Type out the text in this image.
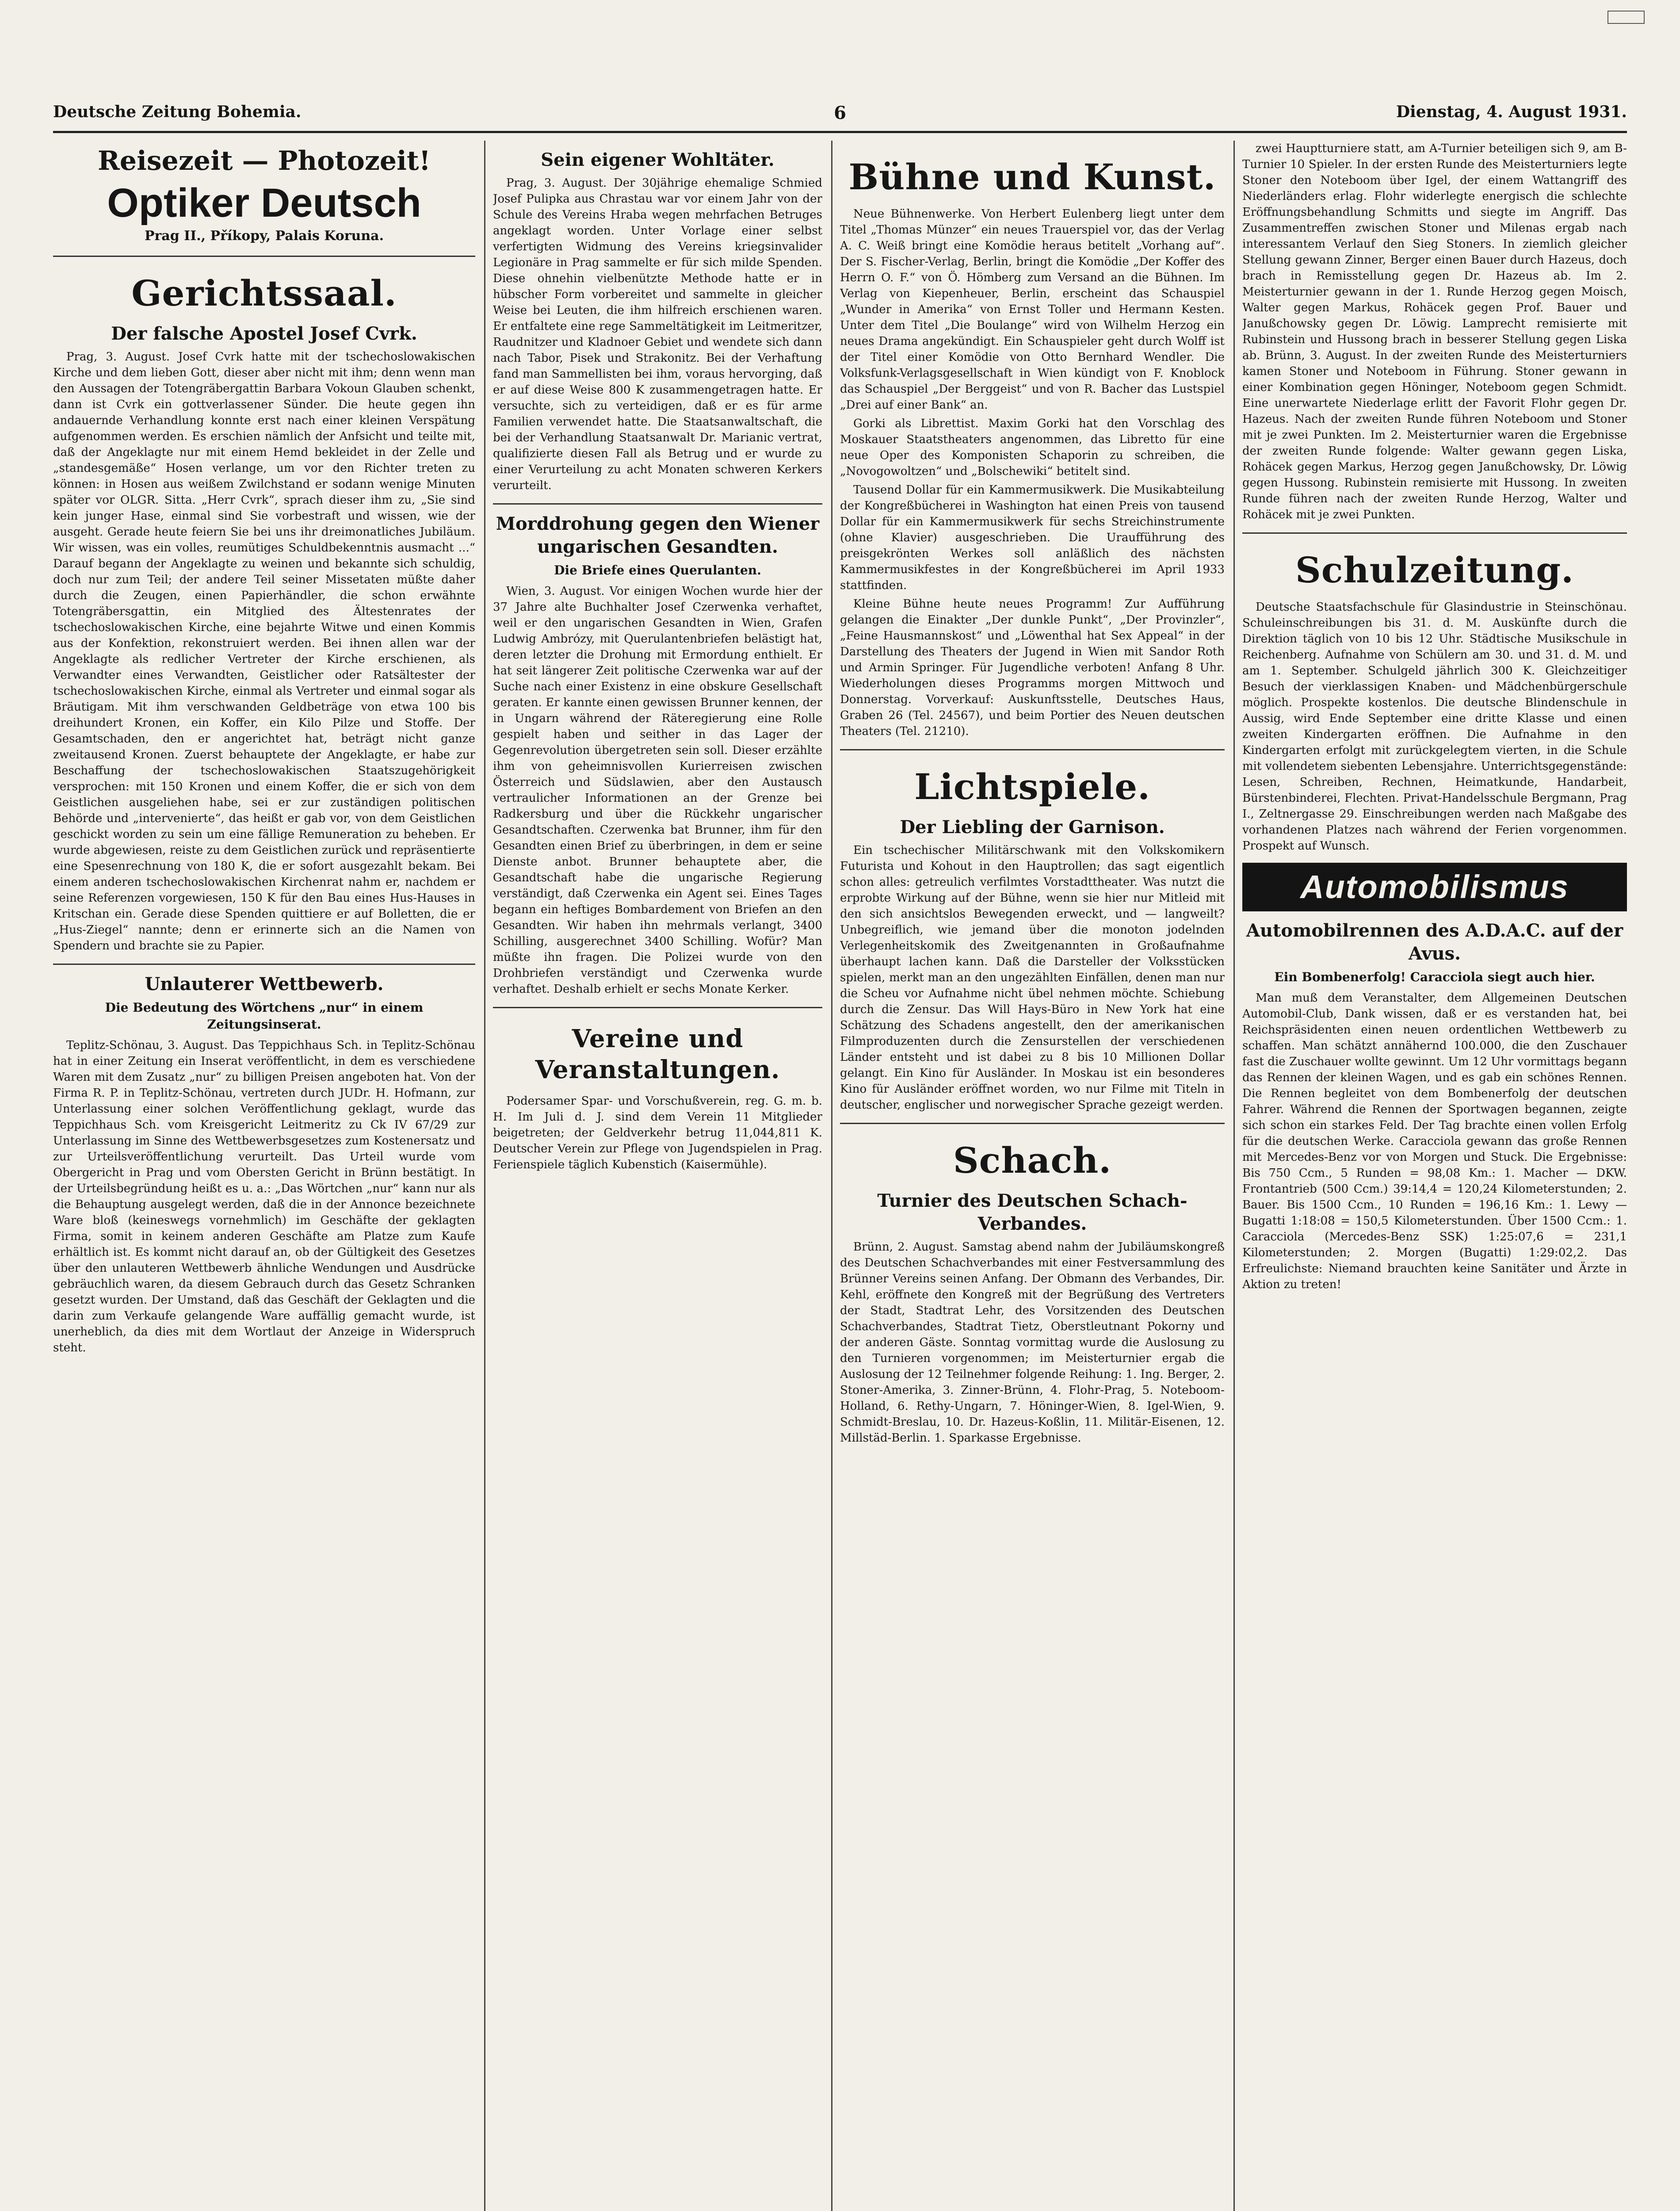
Deutsche Zeitung Bohemia.	6	Dienstag, 4. August 1931.
Reisezeit — Photozeit!
Optiker Deutsch
Prag II., Příkopy, Palais Koruna.
Gerichtssaal.
Der falsche Apostel Josef Cvrk.

Prag, 3. August. Josef Cvrk hatte mit der tschechoslowakischen Kirche und dem lieben Gott, dieser aber nicht mit ihm; denn wenn man den Aussagen der Totengräbergattin Barbara Vokoun Glauben schenkt, dann ist Cvrk ein gottverlassener Sünder. Die heute gegen ihn andauernde Verhandlung konnte erst nach einer kleinen Verspätung aufgenommen werden. Es erschien nämlich der Anfsicht und teilte mit, daß der Angeklagte nur mit einem Hemd bekleidet in der Zelle und „standesgemäße“ Hosen verlange, um vor den Richter treten zu können: in Hosen aus weißem Zwilchstand er sodann wenige Minuten später vor OLGR. Sitta. „Herr Cvrk“, sprach dieser ihm zu, „Sie sind kein junger Hase, einmal sind Sie vorbestraft und wissen, wie der ausgeht. Gerade heute feiern Sie bei uns ihr dreimonatliches Jubiläum. Wir wissen, was ein volles, reumütiges Schuldbekenntnis ausmacht ...“ Darauf begann der Angeklagte zu weinen und bekannte sich schuldig, doch nur zum Teil; der andere Teil seiner Missetaten müßte daher durch die Zeugen, einen Papierhändler, die schon erwähnte Totengräbersgattin, ein Mitglied des Ältestenrates der tschechoslowakischen Kirche, eine bejahrte Witwe und einen Kommis aus der Konfektion, rekonstruiert werden. Bei ihnen allen war der Angeklagte als redlicher Vertreter der Kirche erschienen, als Verwandter eines Verwandten, Geistlicher oder Ratsältester der tschechoslowakischen Kirche, einmal als Vertreter und einmal sogar als Bräutigam. Mit ihm verschwanden Geldbeträge von etwa 100 bis dreihundert Kronen, ein Koffer, ein Kilo Pilze und Stoffe. Der Gesamtschaden, den er angerichtet hat, beträgt nicht ganze zweitausend Kronen. Zuerst behauptete der Angeklagte, er habe zur Beschaffung der tschechoslowakischen Staatszugehörigkeit versprochen: mit 150 Kronen und einem Koffer, die er sich von dem Geistlichen ausgeliehen habe, sei er zur zuständigen politischen Behörde und „intervenierte“, das heißt er gab vor, von dem Geistlichen geschickt worden zu sein um eine fällige Remuneration zu beheben. Er wurde abgewiesen, reiste zu dem Geistlichen zurück und repräsentierte eine Spesenrechnung von 180 K, die er sofort ausgezahlt bekam. Bei einem anderen tschechoslowakischen Kirchenrat nahm er, nachdem er seine Referenzen vorgewiesen, 150 K für den Bau eines Hus-Hauses in Kritschan ein. Gerade diese Spenden quittiere er auf Bolletten, die er „Hus-Ziegel“ nannte; denn er erinnerte sich an die Namen von Spendern und brachte sie zu Papier.

Unlauterer Wettbewerb.
Die Bedeutung des Wörtchens „nur“ in einem Zeitungsinserat.

Teplitz-Schönau, 3. August. Das Teppichhaus Sch. in Teplitz-Schönau hat in einer Zeitung ein Inserat veröffentlicht, in dem es verschiedene Waren mit dem Zusatz „nur“ zu billigen Preisen angeboten hat. Von der Firma R. P. in Teplitz-Schönau, vertreten durch JUDr. H. Hofmann, zur Unterlassung einer solchen Veröffentlichung geklagt, wurde das Teppichhaus Sch. vom Kreisgericht Leitmeritz zu Ck IV 67/29 zur Unterlassung im Sinne des Wettbewerbsgesetzes zum Kostenersatz und zur Urteilsveröffentlichung verurteilt. Das Urteil wurde vom Obergericht in Prag und vom Obersten Gericht in Brünn bestätigt. In der Urteilsbegründung heißt es u. a.: „Das Wörtchen „nur“ kann nur als die Behauptung ausgelegt werden, daß die in der Annonce bezeichnete Ware bloß (keineswegs vornehmlich) im Geschäfte der geklagten Firma, somit in keinem anderen Geschäfte am Platze zum Kaufe erhältlich ist. Es kommt nicht darauf an, ob der Gültigkeit des Gesetzes über den unlauteren Wettbewerb ähnliche Wendungen und Ausdrücke gebräuchlich waren, da diesem Gebrauch durch das Gesetz Schranken gesetzt wurden. Der Umstand, daß das Geschäft der Geklagten und die darin zum Verkaufe gelangende Ware auffällig gemacht wurde, ist unerheblich, da dies mit dem Wortlaut der Anzeige in Widerspruch steht.

Sein eigener Wohltäter.

Prag, 3. August. Der 30jährige ehemalige Schmied Josef Pulipka aus Chrastau war vor einem Jahr von der Schule des Vereins Hraba wegen mehrfachen Betruges angeklagt worden. Unter Vorlage einer selbst verfertigten Widmung des Vereins kriegsinvalider Legionäre in Prag sammelte er für sich milde Spenden. Diese ohnehin vielbenützte Methode hatte er in hübscher Form vorbereitet und sammelte in gleicher Weise bei Leuten, die ihm hilfreich erschienen waren. Er entfaltete eine rege Sammeltätigkeit im Leitmeritzer, Raudnitzer und Kladnoer Gebiet und wendete sich dann nach Tabor, Pisek und Strakonitz. Bei der Verhaftung fand man Sammellisten bei ihm, voraus hervorging, daß er auf diese Weise 800 K zusammengetragen hatte. Er versuchte, sich zu verteidigen, daß er es für arme Familien verwendet hatte. Die Staatsanwaltschaft, die bei der Verhandlung Staatsanwalt Dr. Marianic vertrat, qualifizierte diesen Fall als Betrug und er wurde zu einer Verurteilung zu acht Monaten schweren Kerkers verurteilt.

Morddrohung gegen den Wiener ungarischen Gesandten.
Die Briefe eines Querulanten.

Wien, 3. August. Vor einigen Wochen wurde hier der 37 Jahre alte Buchhalter Josef Czerwenka verhaftet, weil er den ungarischen Gesandten in Wien, Grafen Ludwig Ambrózy, mit Querulantenbriefen belästigt hat, deren letzter die Drohung mit Ermordung enthielt. Er hat seit längerer Zeit politische Czerwenka war auf der Suche nach einer Existenz in eine obskure Gesellschaft geraten. Er kannte einen gewissen Brunner kennen, der in Ungarn während der Räteregierung eine Rolle gespielt haben und seither in das Lager der Gegenrevolution übergetreten sein soll. Dieser erzählte ihm von geheimnisvollen Kurierreisen zwischen Österreich und Südslawien, aber den Austausch vertraulicher Informationen an der Grenze bei Radkersburg und über die Rückkehr ungarischer Gesandtschaften. Czerwenka bat Brunner, ihm für den Gesandten einen Brief zu überbringen, in dem er seine Dienste anbot. Brunner behauptete aber, die Gesandtschaft habe die ungarische Regierung verständigt, daß Czerwenka ein Agent sei. Eines Tages begann ein heftiges Bombardement von Briefen an den Gesandten. Wir haben ihn mehrmals verlangt, 3400 Schilling, ausgerechnet 3400 Schilling. Wofür? Man müßte ihn fragen. Die Polizei wurde von den Drohbriefen verständigt und Czerwenka wurde verhaftet. Deshalb erhielt er sechs Monate Kerker.

Vereine und Veranstaltungen.

Podersamer Spar- und Vorschußverein, reg. G. m. b. H. Im Juli d. J. sind dem Verein 11 Mitglieder beigetreten; der Geldverkehr betrug 11,044,811 K. Deutscher Verein zur Pflege von Jugendspielen in Prag. Ferienspiele täglich Kubenstich (Kaisermühle).

Bühne und Kunst.

Neue Bühnenwerke. Von Herbert Eulenberg liegt unter dem Titel „Thomas Münzer“ ein neues Trauerspiel vor, das der Verlag A. C. Weiß bringt eine Komödie heraus betitelt „Vorhang auf“. Der S. Fischer-Verlag, Berlin, bringt die Komödie „Der Koffer des Herrn O. F.“ von Ö. Hömberg zum Versand an die Bühnen. Im Verlag von Kiepenheuer, Berlin, erscheint das Schauspiel „Wunder in Amerika“ von Ernst Toller und Hermann Kesten. Unter dem Titel „Die Boulange“ wird von Wilhelm Herzog ein neues Drama angekündigt. Ein Schauspieler geht durch Wolff ist der Titel einer Komödie von Otto Bernhard Wendler. Die Volksfunk-Verlagsgesellschaft in Wien kündigt von F. Knoblock das Schauspiel „Der Berggeist“ und von R. Bacher das Lustspiel „Drei auf einer Bank“ an.

Gorki als Librettist. Maxim Gorki hat den Vorschlag des Moskauer Staatstheaters angenommen, das Libretto für eine neue Oper des Komponisten Schaporin zu schreiben, die „Novogowoltzen“ und „Bolschewiki“ betitelt sind.

Tausend Dollar für ein Kammermusikwerk. Die Musikabteilung der Kongreßbücherei in Washington hat einen Preis von tausend Dollar für ein Kammermusikwerk für sechs Streichinstrumente (ohne Klavier) ausgeschrieben. Die Uraufführung des preisgekrönten Werkes soll anläßlich des nächsten Kammermusikfestes in der Kongreßbücherei im April 1933 stattfinden.

Kleine Bühne heute neues Programm! Zur Aufführung gelangen die Einakter „Der dunkle Punkt“, „Der Provinzler“, „Feine Hausmannskost“ und „Löwenthal hat Sex Appeal“ in der Darstellung des Theaters der Jugend in Wien mit Sandor Roth und Armin Springer. Für Jugendliche verboten! Anfang 8 Uhr. Wiederholungen dieses Programms morgen Mittwoch und Donnerstag. Vorverkauf: Auskunftsstelle, Deutsches Haus, Graben 26 (Tel. 24567), und beim Portier des Neuen deutschen Theaters (Tel. 21210).

Lichtspiele.
Der Liebling der Garnison.

Ein tschechischer Militärschwank mit den Volkskomikern Futurista und Kohout in den Hauptrollen; das sagt eigentlich schon alles: getreulich verfilmtes Vorstadttheater. Was nutzt die erprobte Wirkung auf der Bühne, wenn sie hier nur Mitleid mit den sich ansichtslos Bewegenden erweckt, und — langweilt? Unbegreiflich, wie jemand über die monoton jodelnden Verlegenheitskomik des Zweitgenannten in Großaufnahme überhaupt lachen kann. Daß die Darsteller der Volksstücken spielen, merkt man an den ungezählten Einfällen, denen man nur die Scheu vor Aufnahme nicht übel nehmen möchte. Schiebung durch die Zensur. Das Will Hays-Büro in New York hat eine Schätzung des Schadens angestellt, den der amerikanischen Filmproduzenten durch die Zensurstellen der verschiedenen Länder entsteht und ist dabei zu 8 bis 10 Millionen Dollar gelangt. Ein Kino für Ausländer. In Moskau ist ein besonderes Kino für Ausländer eröffnet worden, wo nur Filme mit Titeln in deutscher, englischer und norwegischer Sprache gezeigt werden.

Schach.
Turnier des Deutschen Schach-Verbandes.

Brünn, 2. August. Samstag abend nahm der Jubiläumskongreß des Deutschen Schachverbandes mit einer Festversammlung des Brünner Vereins seinen Anfang. Der Obmann des Verbandes, Dir. Kehl, eröffnete den Kongreß mit der Begrüßung des Vertreters der Stadt, Stadtrat Lehr, des Vorsitzenden des Deutschen Schachverbandes, Stadtrat Tietz, Oberstleutnant Pokorny und der anderen Gäste. Sonntag vormittag wurde die Auslosung zu den Turnieren vorgenommen; im Meisterturnier ergab die Auslosung der 12 Teilnehmer folgende Reihung: 1. Ing. Berger, 2. Stoner-Amerika, 3. Zinner-Brünn, 4. Flohr-Prag, 5. Noteboom-Holland, 6. Rethy-Ungarn, 7. Höninger-Wien, 8. Igel-Wien, 9. Schmidt-Breslau, 10. Dr. Hazeus-Koßlin, 11. Militär-Eisenen, 12. Millstäd-Berlin. 1. Sparkasse Ergebnisse.

zwei Hauptturniere statt, am A-Turnier beteiligen sich 9, am B-Turnier 10 Spieler. In der ersten Runde des Meisterturniers legte Stoner den Noteboom über Igel, der einem Wattangriff des Niederländers erlag. Flohr widerlegte energisch die schlechte Eröffnungsbehandlung Schmitts und siegte im Angriff. Das Zusammentreffen zwischen Stoner und Milenas ergab nach interessantem Verlauf den Sieg Stoners. In ziemlich gleicher Stellung gewann Zinner, Berger einen Bauer durch Hazeus, doch brach in Remisstellung gegen Dr. Hazeus ab. Im 2. Meisterturnier gewann in der 1. Runde Herzog gegen Moisch, Walter gegen Markus, Rohäcek gegen Prof. Bauer und Janußchowsky gegen Dr. Löwig. Lamprecht remisierte mit Rubinstein und Hussong brach in besserer Stellung gegen Liska ab. Brünn, 3. August. In der zweiten Runde des Meisterturniers kamen Stoner und Noteboom in Führung. Stoner gewann in einer Kombination gegen Höninger, Noteboom gegen Schmidt. Eine unerwartete Niederlage erlitt der Favorit Flohr gegen Dr. Hazeus. Nach der zweiten Runde führen Noteboom und Stoner mit je zwei Punkten. Im 2. Meisterturnier waren die Ergebnisse der zweiten Runde folgende: Walter gewann gegen Liska, Rohäcek gegen Markus, Herzog gegen Janußchowsky, Dr. Löwig gegen Hussong. Rubinstein remisierte mit Hussong. In zweiten Runde führen nach der zweiten Runde Herzog, Walter und Rohäcek mit je zwei Punkten.

Schulzeitung.

Deutsche Staatsfachschule für Glasindustrie in Steinschönau. Schuleinschreibungen bis 31. d. M. Auskünfte durch die Direktion täglich von 10 bis 12 Uhr. Städtische Musikschule in Reichenberg. Aufnahme von Schülern am 30. und 31. d. M. und am 1. September. Schulgeld jährlich 300 K. Gleichzeitiger Besuch der vierklassigen Knaben- und Mädchenbürgerschule möglich. Prospekte kostenlos. Die deutsche Blindenschule in Aussig, wird Ende September eine dritte Klasse und einen zweiten Kindergarten eröffnen. Die Aufnahme in den Kindergarten erfolgt mit zurückgelegtem vierten, in die Schule mit vollendetem siebenten Lebensjahre. Unterrichtsgegenstände: Lesen, Schreiben, Rechnen, Heimatkunde, Handarbeit, Bürstenbinderei, Flechten. Privat-Handelsschule Bergmann, Prag I., Zeltnergasse 29. Einschreibungen werden nach Maßgabe des vorhandenen Platzes nach während der Ferien vorgenommen. Prospekt auf Wunsch.

Automobilismus
Automobilrennen des A.D.A.C. auf der Avus.
Ein Bombenerfolg! Caracciola siegt auch hier.

Man muß dem Veranstalter, dem Allgemeinen Deutschen Automobil-Club, Dank wissen, daß er es verstanden hat, bei Reichspräsidenten einen neuen ordentlichen Wettbewerb zu schaffen. Man schätzt annähernd 100.000, die den Zuschauer fast die Zuschauer wollte gewinnt. Um 12 Uhr vormittags begann das Rennen der kleinen Wagen, und es gab ein schönes Rennen. Die Rennen begleitet von dem Bombenerfolg der deutschen Fahrer. Während die Rennen der Sportwagen begannen, zeigte sich schon ein starkes Feld. Der Tag brachte einen vollen Erfolg für die deutschen Werke. Caracciola gewann das große Rennen mit Mercedes-Benz vor von Morgen und Stuck. Die Ergebnisse: Bis 750 Ccm., 5 Runden = 98,08 Km.: 1. Macher — DKW. Frontantrieb (500 Ccm.) 39:14,4 = 120,24 Kilometerstunden; 2. Bauer. Bis 1500 Ccm., 10 Runden = 196,16 Km.: 1. Lewy — Bugatti 1:18:08 = 150,5 Kilometerstunden. Über 1500 Ccm.: 1. Caracciola (Mercedes-Benz SSK) 1:25:07,6 = 231,1 Kilometerstunden; 2. Morgen (Bugatti) 1:29:02,2. Das Erfreulichste: Niemand brauchten keine Sanitäter und Ärzte in Aktion zu treten!
